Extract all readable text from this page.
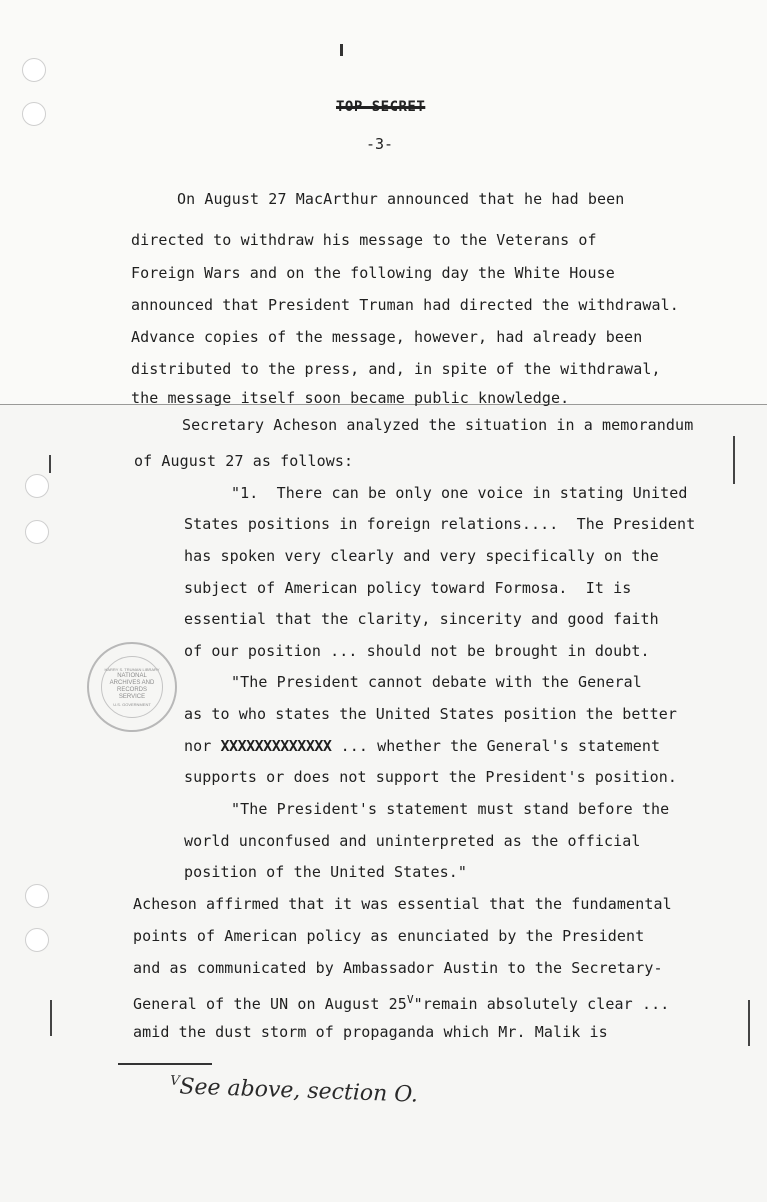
TOP SECRET
-3-
On August 27 MacArthur announced that he had been
directed to withdraw his message to the Veterans of
Foreign Wars and on the following day the White House
announced that President Truman had directed the withdrawal.
Advance copies of the message, however, had already been
distributed to the press, and, in spite of the withdrawal,
the message itself soon became public knowledge.
Secretary Acheson analyzed the situation in a memorandum
of August 27 as follows:
"1.  There can be only one voice in stating United
States positions in foreign relations....  The President
has spoken very clearly and very specifically on the
subject of American policy toward Formosa.  It is
essential that the clarity, sincerity and good faith
of our position ... should not be brought in doubt.
"The President cannot debate with the General
as to who states the United States position the better
nor XXXXXXXXXXXXX ... whether the General's statement
supports or does not support the President's position.
"The President's statement must stand before the
world unconfused and uninterpreted as the official
position of the United States."
Acheson affirmed that it was essential that the fundamental
points of American policy as enunciated by the President
and as communicated by Ambassador Austin to the Secretary-
General of the UN on August $25^V"remain$ absolutely clear ...
amid the dust storm of propaganda which Mr. Malik is
HARRY S. TRUMAN LIBRARY
NATIONAL
ARCHIVES AND
RECORDS
SERVICE
U.S. GOVERNMENT
$^V$See above, section O.
